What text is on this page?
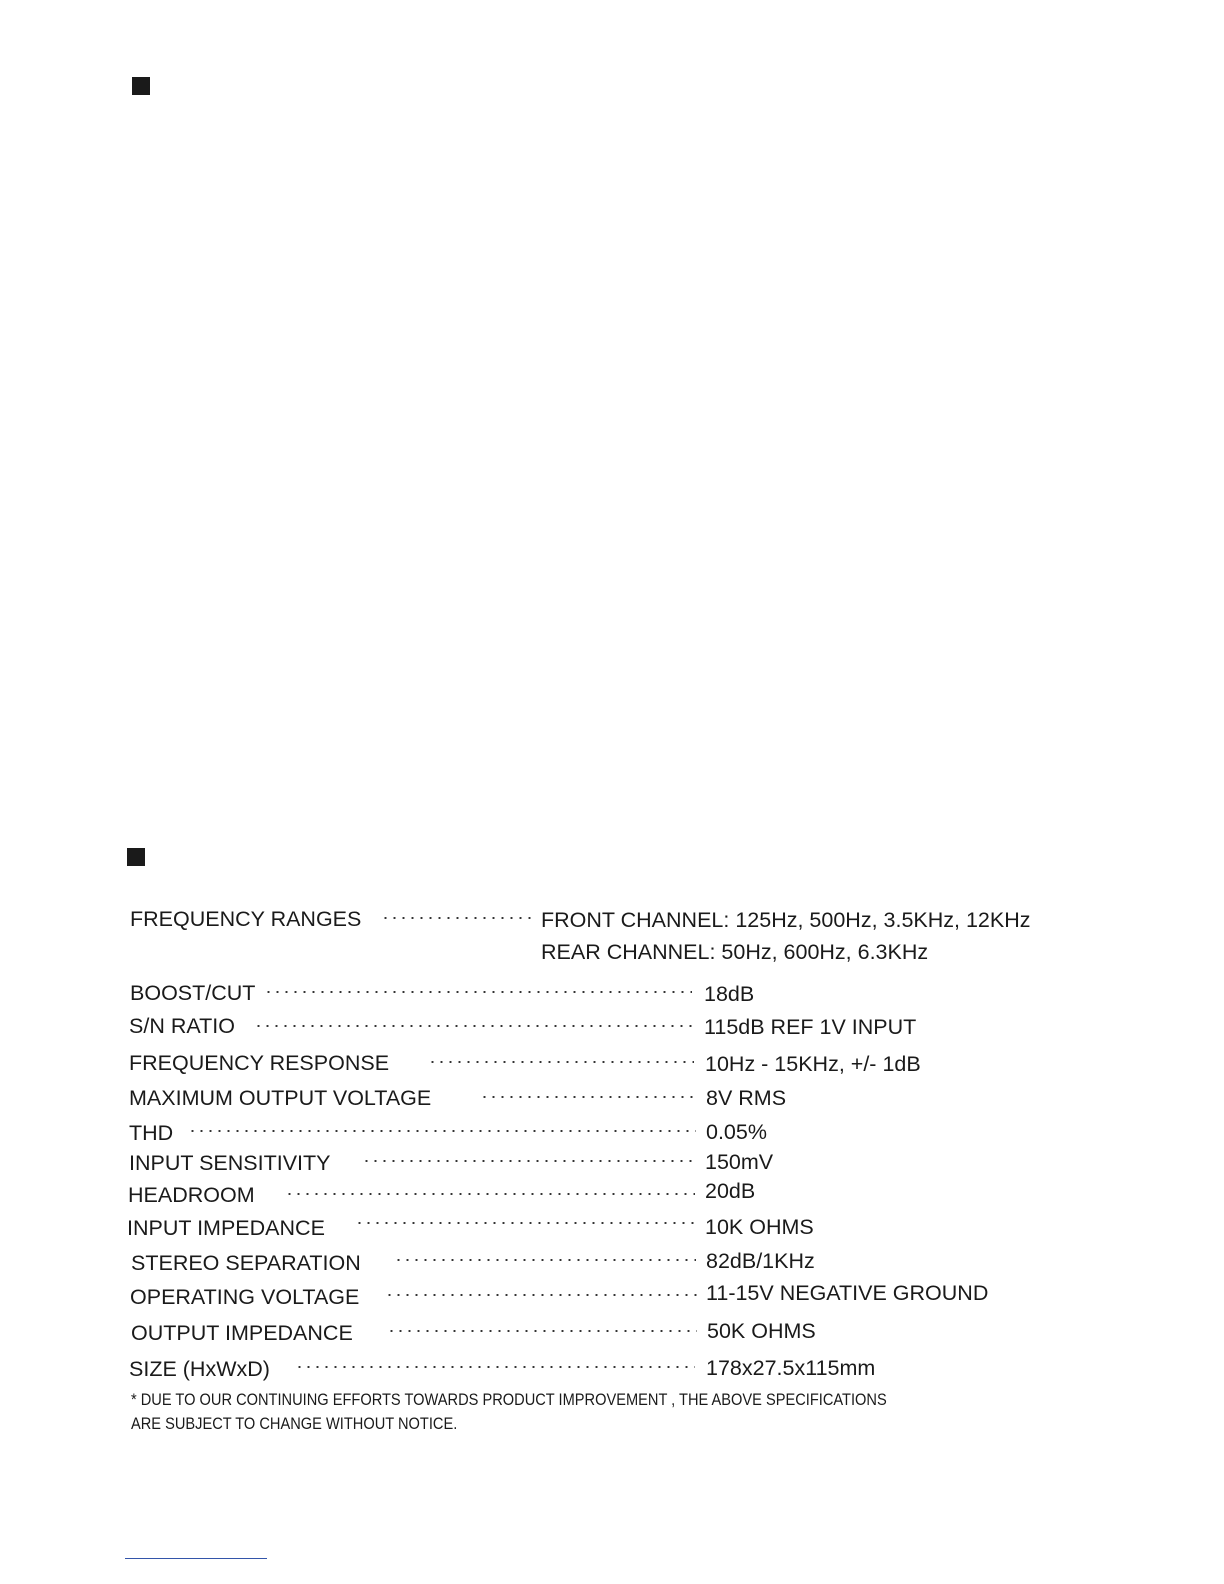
FREQUENCY RANGES	FRONT CHANNEL: 125Hz, 500Hz, 3.5KHz, 12KHz
REAR CHANNEL: 50Hz, 600Hz, 6.3KHz
BOOST/CUT	18dB
S/N RATIO	115dB REF 1V INPUT
FREQUENCY RESPONSE	10Hz - 15KHz, +/- 1dB
MAXIMUM OUTPUT VOLTAGE	8V RMS
THD	0.05%
INPUT SENSITIVITY	150mV
HEADROOM	20dB
INPUT IMPEDANCE	10K OHMS
STEREO SEPARATION	82dB/1KHz
OPERATING VOLTAGE	11-15V NEGATIVE GROUND
OUTPUT IMPEDANCE	50K OHMS
SIZE (HxWxD)	178x27.5x115mm
* DUE TO OUR CONTINUING EFFORTS TOWARDS PRODUCT IMPROVEMENT , THE ABOVE SPECIFICATIONS
ARE SUBJECT TO CHANGE WITHOUT NOTICE.
